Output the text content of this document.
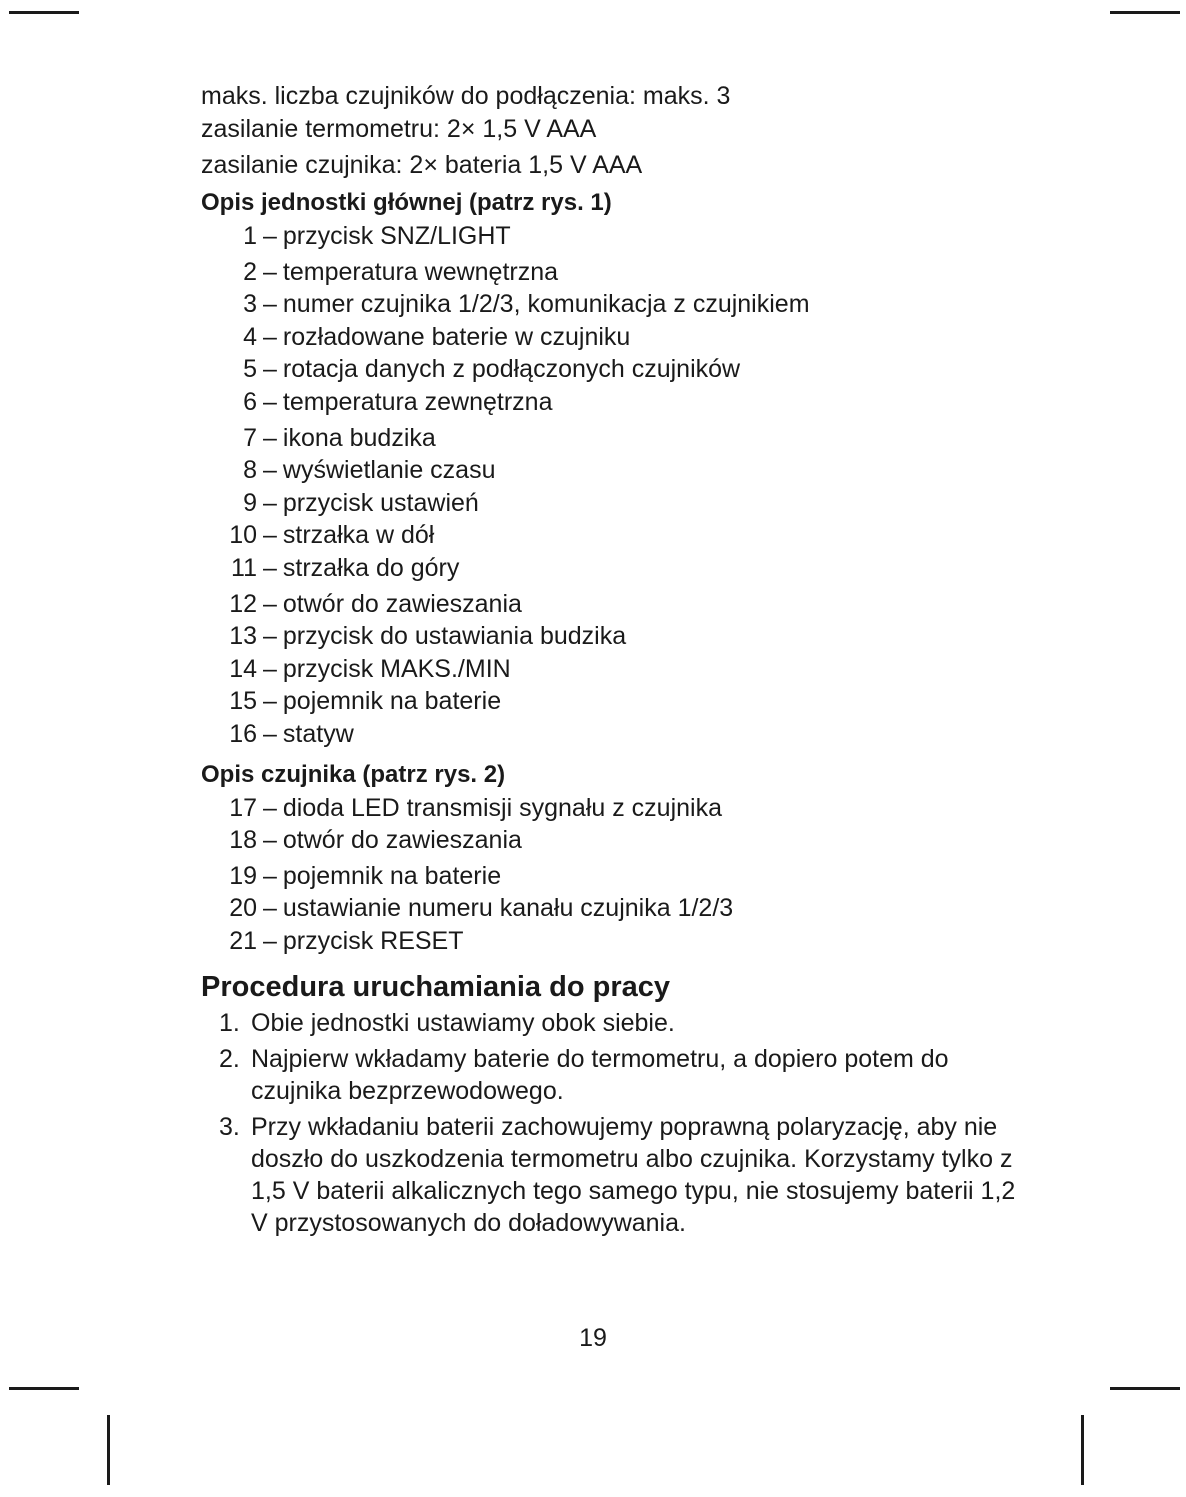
maks. liczba czujników do podłączenia: maks. 3
zasilanie termometru: 2× 1,5 V AAA
zasilanie czujnika: 2× bateria 1,5 V AAA
Opis jednostki głównej (patrz rys. 1)
1 – przycisk SNZ/LIGHT
2 – temperatura wewnętrzna
3 – numer czujnika 1/2/3, komunikacja z czujnikiem
4 – rozładowane baterie w czujniku
5 – rotacja danych z podłączonych czujników
6 – temperatura zewnętrzna
7 – ikona budzika
8 – wyświetlanie czasu
9 – przycisk ustawień
10 – strzałka w dół
11 – strzałka do góry
12 – otwór do zawieszania
13 – przycisk do ustawiania budzika
14 – przycisk MAKS./MIN
15 – pojemnik na baterie
16 – statyw
Opis czujnika (patrz rys. 2)
17 – dioda LED transmisji sygnału z czujnika
18 – otwór do zawieszania
19 – pojemnik na baterie
20 – ustawianie numeru kanału czujnika 1/2/3
21 – przycisk RESET
Procedura uruchamiania do pracy
1. Obie jednostki ustawiamy obok siebie.
2. Najpierw wkładamy baterie do termometru, a dopiero potem do czujnika bezprzewodowego.
3. Przy wkładaniu baterii zachowujemy poprawną polaryzację, aby nie doszło do uszkodzenia termometru albo czujnika. Korzystamy tylko z 1,5 V baterii alkalicznych tego samego typu, nie stosujemy baterii 1,2 V przystosowanych do doładowywania.
19
